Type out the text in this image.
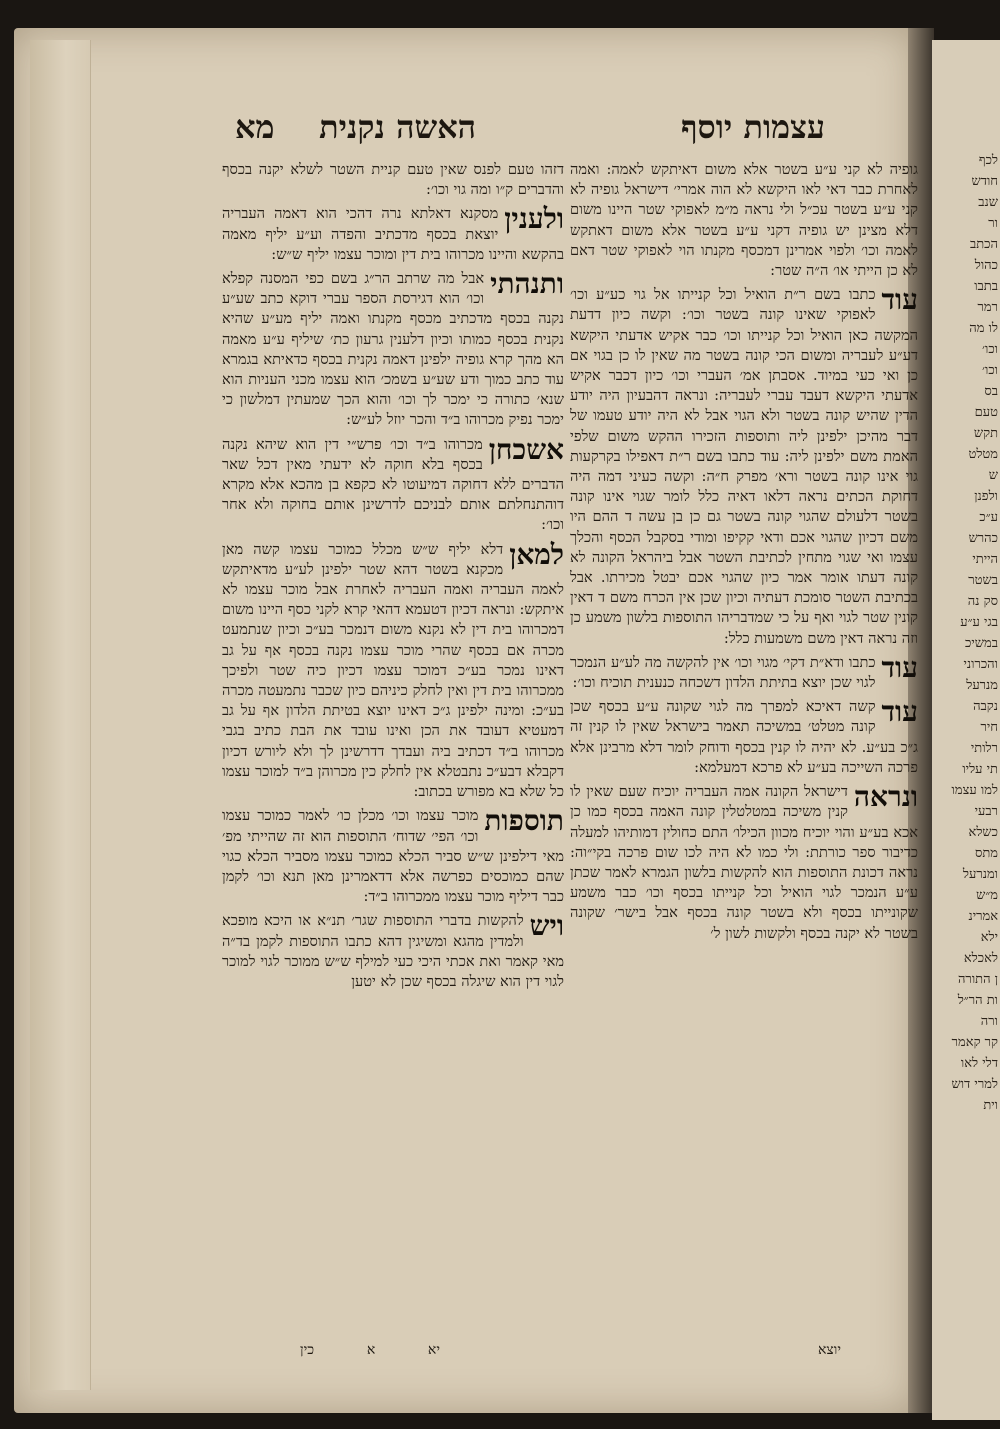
לכף
חודש
שנב
ור
הכתב
כהול
בתבו
רמר
לו מה
וכו׳
וכו׳
בס
טעם
תקש
מטלט
ש
ולפנן
ע״כ
כהרש
הייתי
בשטר
סק נה
בגי ע״ע
במשיכ
והכרוני
מנרעל
נקבה
חיר
רלותי
תי עליו
למו עצמו
רבעי
כשלא
מתס
ומנרעל
מ״ש
אמרינ
ילא
לאכלא
ן התורה
ות הר״ל
ורה
קר קאמר
דלי לאו
למרי דוש
וית
עצמות יוסף
האשה נקנית    מא
גופיה לא קני ע״ע בשטר אלא משום דאיתקש לאמה: ואמה לאחרת כבר דאי לאו היקשא לא הוה אמרי׳ דישראל גופיה לא קני ע״ע בשטר עכ״ל ולי נראה מ״מ לאפוקי שטר היינו משום דלא מצינן יש גופיה דקני ע״ע בשטר אלא משום דאתקש לאמה וכו׳ ולפוי אמרינן דמכסף מקנתו הוי לאפוקי שטר דאם לא כן הייתי או׳ ה״ה שטר:
עוד
כתבו בשם ר״ת הואיל וכל קנייתו אל גוי כע״ע וכו׳ לאפוקי שאינו קונה בשטר וכו׳: וקשה כיון דדעת המקשה כאן הואיל וכל קנייתו וכו׳ כבר אקיש אדעתי היקשא דע״ע לעבריה ומשום הכי קונה בשטר מה שאין לו כן בגוי אם כן ואי כעי במיוד. אסבתן אמ׳ העברי וכו׳ כיון דכבר אקיש אדעתי היקשא דעבד עברי לעבריה: ונראה דהבעיון היה יודע הדין שהיש קונה בשטר ולא הגוי אבל לא היה יודע טעמו של דבר מהיכן ילפינן ליה ותוספות הזכירו ההקש משום שלפי האמת משם ילפינן ליה: עוד כתבו בשם ר״ת דאפילו בקרקעות גוי אינו קונה בשטר ורא׳ מפרק ח״ה: וקשה כעיני דמה היה דחוקת הכתים נראה דלאו דאיה כלל לומר שגוי אינו קונה בשטר דלעולם שהגוי קונה בשטר גם כן בן עשה ד ההם היו משם דכיון שהגוי אכם ודאי קקיפו ומודי בסקבל הכסף והכלך עצמו ואי שגוי מתחין לכתיבת השטר אבל ביהראל הקונה לא קונה דעתו אומר אמר כיון שהגוי אכם יבטל מכירתו. אבל בכתיבת השטר סומכת דעתיה וכיון שכן אין הכרח משם ד דאין קונין שטר לגוי ואף על כי שמדבריהו התוספות בלשון משמע כן וזה נראה דאין משם משמעות כלל:
עוד
כתבו ודא״ת דקי׳ מגוי וכו׳ אין להקשה מה לע״ע הנמכר לגוי שכן יוצא בתיתת הלדון דשכחה כנענית תוכיח וכו׳:
עוד
קשה דאיכא למפרך מה לגוי שקונה ע״ע בכסף שכן קונה מטלט׳ במשיכה תאמר בישראל שאין לו קנין זה ג״כ בע״ע. לא יהיה לו קנין בכסף ודוחק לומר דלא מרבינן אלא פרכה השייכה בע״ע לא פרכא דמעלמא:
ונראה
דישראל הקונה אמה העבריה יוכיח שעם שאין לו קנין משיכה במטלטלין קונה האמה בכסף כמו כן אכא בע״ע והוי יוכיח מכוון הכילו׳ התם כחולין דמותיהו למעלה כדיבור ספר כורתת: ולי כמו לא היה לכו שום פרכה בקי״וה: נראה דכונת התוספות הוא להקשות בלשון הגמרא לאמר שכתן ע״ע הנמכר לגוי הואיל וכל קנייתו בכסף וכו׳ כבר משמע שקונייתו בכסף ולא בשטר קונה בכסף אבל בישר׳ שקונה בשטר לא יקנה בכסף ולקשות לשון ל׳
דזהו טעם לפנס שאין טעם קניית השטר לשלא יקנה בכסף והדברים ק״ו ומה גוי וכו׳:
ולענין
מסקנא דאלתא נרה דהכי הוא דאמה העבריה יוצאת בכסף מדכתיב והפדה וע״ע יליף מאמה בהקשא והיינו מכרוהו בית דין ומוכר עצמו יליף ש״ש:
ותנהתי
אבל מה שרתב הר״ג בשם כפי המסנה קפלא וכו׳ הוא דגירסת הספר עברי דוקא כתב שע״ע נקנה בכסף מדכתיב מכסף מקנתו ואמה יליף מע״ע שהיא נקנית בכסף כמותו וכיון דלענין גרעון כת׳ שיליף ע״ע מאמה הא מהך קרא גופיה ילפינן דאמה נקנית בכסף כדאיתא בגמרא עוד כתב כמוך ודע שע״ע בשמכ׳ הוא עצמו מכני העניות הוא שנא׳ כתורה כי ימכר לך וכו׳ והוא הכך שמעתין דמלשון כי ימכר נפיק מכרוהו ב״ד והכר יוזל לע״ש:
אשכחן
מכרוהו ב״ד וכו׳ פרש״י דין הוא שיהא נקנה בכסף בלא חוקה לא ידעתי מאין דכל שאר הדברים ללא דחוקה דמיעוטו לא כקפא בן מהכא אלא מקרא דוהתנחלתם אותם לבניכם לדרשינן אותם בחוקה ולא אחר וכו׳:
למאן
דלא יליף ש״ש מכלל כמוכר עצמו קשה מאן מכקנא בשטר דהא שטר ילפינן לע״ע מדאיתקש לאמה העבריה ואמה העבריה לאחרת אבל מוכר עצמו לא איתקש: ונראה דכיון דטעמא דהאי קרא לקני כסף היינו משום דמכרוהו בית דין לא נקנא משום דנמכר בע״כ וכיון שנתמעט מכרה אם בכסף שהרי מוכר עצמו נקנה בכסף אף על גב דאינו נמכר בע״כ דמוכר עצמו דכיון כיה שטר ולפיכך ממכרוהו בית דין ואין לחלק כיניהם כיון שכבר נתמעטה מכרה בע״כ: ומינה ילפינן ג״כ דאינו יוצא בטיתת הלדון אף על גב דמעטיא דעובד את הכן ואינו עובד את הבת כתיב בגבי מכרוהו ב״ד דכתיב ביה ועבדך דדרשינן לך ולא ליורש דכיון דקבלא דבע״כ נתבטלא אין לחלק כין מכרוהן ב״ד למוכר עצמו כל שלא בא מפורש בכתוב:
תוספות
מוכר עצמו וכו׳ מכלן כו׳ לאמר כמוכר עצמו וכו׳ הפי׳ שדוח׳ התוספות הוא זה שהייתי מפ׳ מאי דילפינן ש״ש סביר הכלא כמוכר עצמו מסביר הכלא כגוי שהם כמוכסים כפרשה אלא דדאמרינן מאן תנא וכו׳ לקמן כבר דיליף מוכר עצמו ממכרוהו ב״ד:
ויש
להקשות בדברי התוספות שגר׳ תנ״א או היכא מופכא ולמדין מהגא ומשיגין דהא כתבו התוספות לקמן בד״ה מאי קאמר ואת אכתי היכי כעי למילף ש״ש ממוכר לגוי למוכר לגוי דין הוא שיגלה בכסף שכן לא יטען
יוצא
יא
א
כין
